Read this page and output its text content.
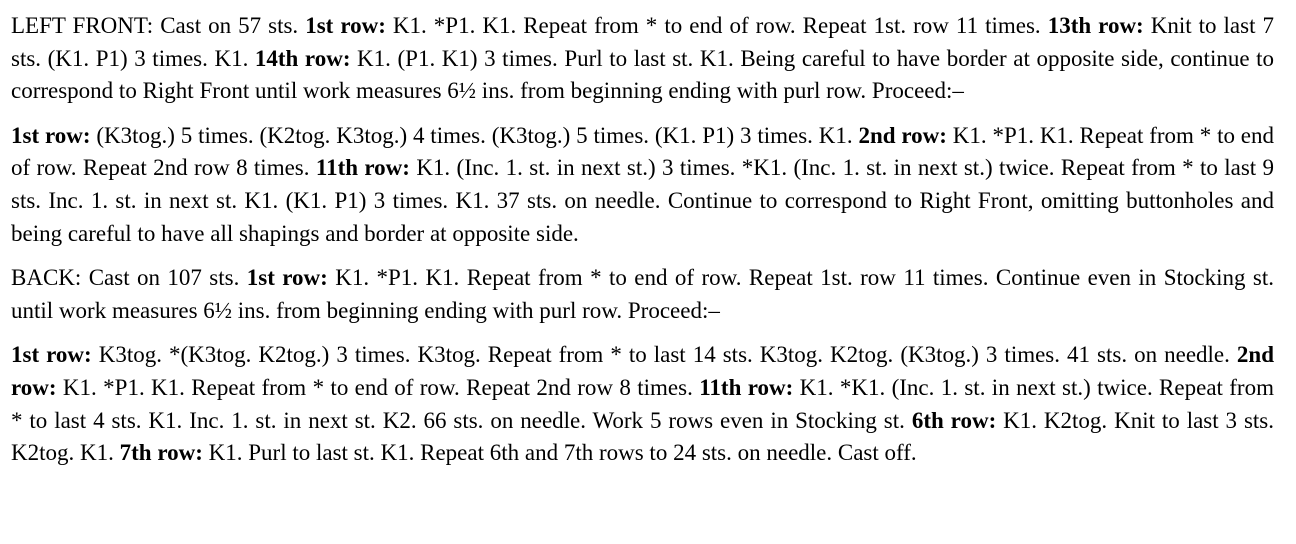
LEFT FRONT: Cast on 57 sts. 1st row: K1. *P1. K1. Repeat from * to end of row. Repeat 1st. row 11 times. 13th row: Knit to last 7 sts. (K1. P1) 3 times. K1. 14th row: K1. (P1. K1) 3 times. Purl to last st. K1. Being careful to have border at opposite side, continue to correspond to Right Front until work measures 6½ ins. from beginning ending with purl row. Proceed:–

1st row: (K3tog.) 5 times. (K2tog. K3tog.) 4 times. (K3tog.) 5 times. (K1. P1) 3 times. K1. 2nd row: K1. *P1. K1. Repeat from * to end of row. Repeat 2nd row 8 times. 11th row: K1. (Inc. 1. st. in next st.) 3 times. *K1. (Inc. 1. st. in next st.) twice. Repeat from * to last 9 sts. Inc. 1. st. in next st. K1. (K1. P1) 3 times. K1. 37 sts. on needle. Continue to correspond to Right Front, omitting buttonholes and being careful to have all shapings and border at opposite side.

BACK: Cast on 107 sts. 1st row: K1. *P1. K1. Repeat from * to end of row. Repeat 1st. row 11 times. Continue even in Stocking st. until work measures 6½ ins. from beginning ending with purl row. Proceed:–

1st row: K3tog. *(K3tog. K2tog.) 3 times. K3tog. Repeat from * to last 14 sts. K3tog. K2tog. (K3tog.) 3 times. 41 sts. on needle. 2nd row: K1. *P1. K1. Repeat from * to end of row. Repeat 2nd row 8 times. 11th row: K1. *K1. (Inc. 1. st. in next st.) twice. Repeat from * to last 4 sts. K1. Inc. 1. st. in next st. K2. 66 sts. on needle. Work 5 rows even in Stocking st. 6th row: K1. K2tog. Knit to last 3 sts. K2tog. K1. 7th row: K1. Purl to last st. K1. Repeat 6th and 7th rows to 24 sts. on needle. Cast off.
